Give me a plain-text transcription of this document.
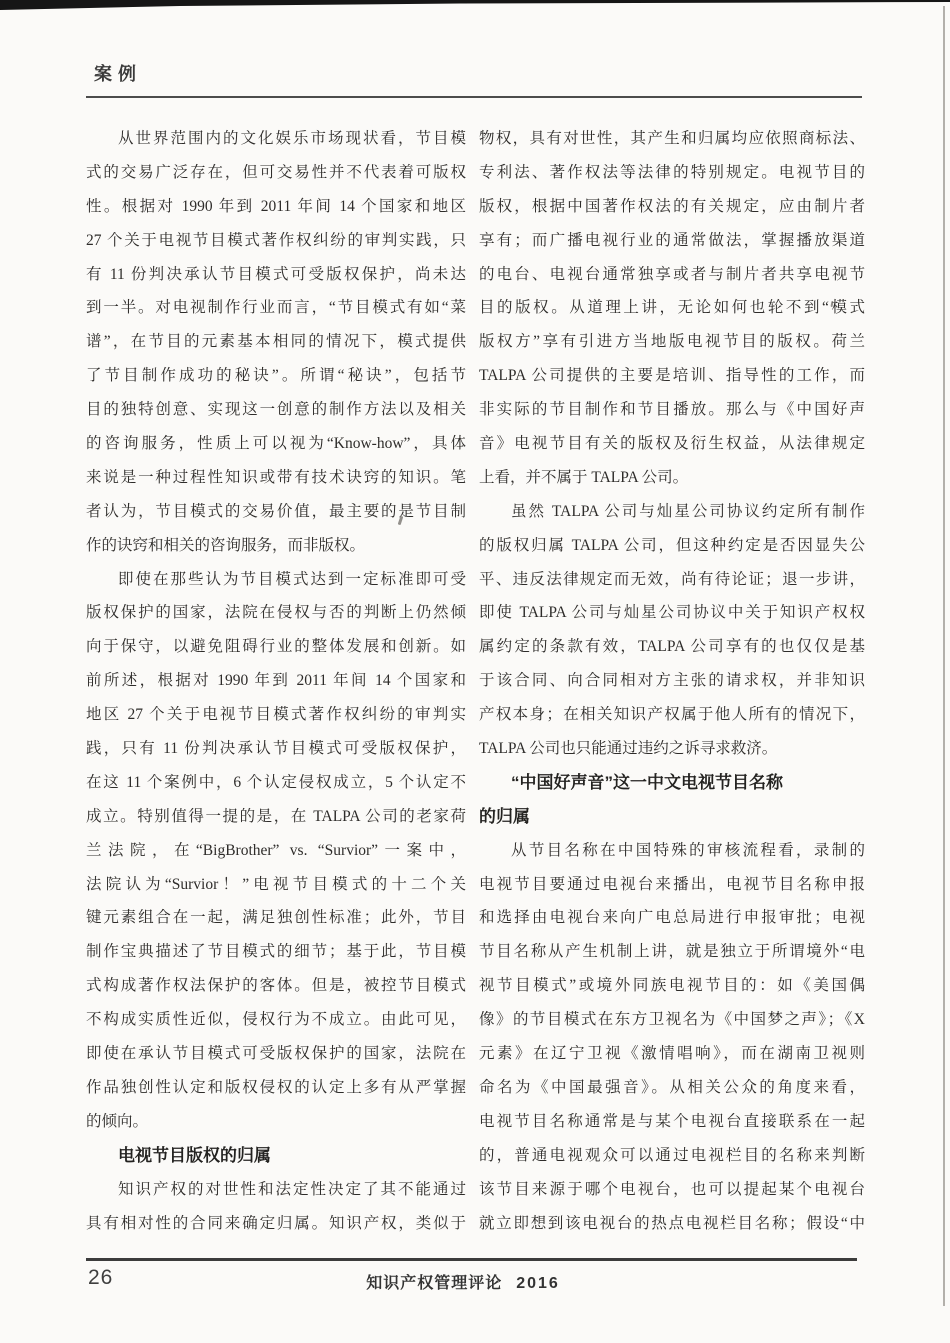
案例
从世界范围内的文化娱乐市场现状看，节目模
式的交易广泛存在，但可交易性并不代表着可版权
性。根据对 1990 年到 2011 年间 14 个国家和地区
27 个关于电视节目模式著作权纠纷的审判实践，只
有 11 份判决承认节目模式可受版权保护，尚未达
到一半。对电视制作行业而言，“节目模式有如“菜
谱”，在节目的元素基本相同的情况下，模式提供
了节目制作成功的秘诀”。所谓“秘诀”，包括节
目的独特创意、实现这一创意的制作方法以及相关
的咨询服务，性质上可以视为“Know-how”，具体
来说是一种过程性知识或带有技术诀窍的知识。笔
者认为，节目模式的交易价值，最主要的是节目制
作的诀窍和相关的咨询服务，而非版权。
即使在那些认为节目模式达到一定标准即可受
版权保护的国家，法院在侵权与否的判断上仍然倾
向于保守，以避免阻碍行业的整体发展和创新。如
前所述，根据对 1990 年到 2011 年间 14 个国家和
地区 27 个关于电视节目模式著作权纠纷的审判实
践，只有 11 份判决承认节目模式可受版权保护，
在这 11 个案例中，6 个认定侵权成立，5 个认定不
成立。特别值得一提的是，在 TALPA 公司的老家荷
兰法院，在“BigBrother” vs. “Survior”一案中，
法院认为“Survior！”电视节目模式的十二个关
键元素组合在一起，满足独创性标准；此外，节目
制作宝典描述了节目模式的细节；基于此，节目模
式构成著作权法保护的客体。但是，被控节目模式
不构成实质性近似，侵权行为不成立。由此可见，
即使在承认节目模式可受版权保护的国家，法院在
作品独创性认定和版权侵权的认定上多有从严掌握
的倾向。
电视节目版权的归属
知识产权的对世性和法定性决定了其不能通过
具有相对性的合同来确定归属。知识产权，类似于
物权，具有对世性，其产生和归属均应依照商标法、
专利法、著作权法等法律的特别规定。电视节目的
版权，根据中国著作权法的有关规定，应由制片者
享有；而广播电视行业的通常做法，掌握播放渠道
的电台、电视台通常独享或者与制片者共享电视节
目的版权。从道理上讲，无论如何也轮不到“模式
版权方”享有引进方当地版电视节目的版权。荷兰
TALPA 公司提供的主要是培训、指导性的工作，而
非实际的节目制作和节目播放。那么与《中国好声
音》电视节目有关的版权及衍生权益，从法律规定
上看，并不属于 TALPA 公司。
虽然 TALPA 公司与灿星公司协议约定所有制作
的版权归属 TALPA 公司，但这种约定是否因显失公
平、违反法律规定而无效，尚有待论证；退一步讲，
即使 TALPA 公司与灿星公司协议中关于知识产权权
属约定的条款有效，TALPA 公司享有的也仅仅是基
于该合同、向合同相对方主张的请求权，并非知识
产权本身；在相关知识产权属于他人所有的情况下，
TALPA 公司也只能通过违约之诉寻求救济。
“中国好声音”这一中文电视节目名称
的归属
从节目名称在中国特殊的审核流程看，录制的
电视节目要通过电视台来播出，电视节目名称申报
和选择由电视台来向广电总局进行申报审批；电视
节目名称从产生机制上讲，就是独立于所谓境外“电
视节目模式”或境外同族电视节目的：如《美国偶
像》的节目模式在东方卫视名为《中国梦之声》；《X
元素》在辽宁卫视《激情唱响》，而在湖南卫视则
命名为《中国最强音》。从相关公众的角度来看，
电视节目名称通常是与某个电视台直接联系在一起
的，普通电视观众可以通过电视栏目的名称来判断
该节目来源于哪个电视台，也可以提起某个电视台
就立即想到该电视台的热点电视栏目名称；假设“中
26	知识产权管理评论 2016
